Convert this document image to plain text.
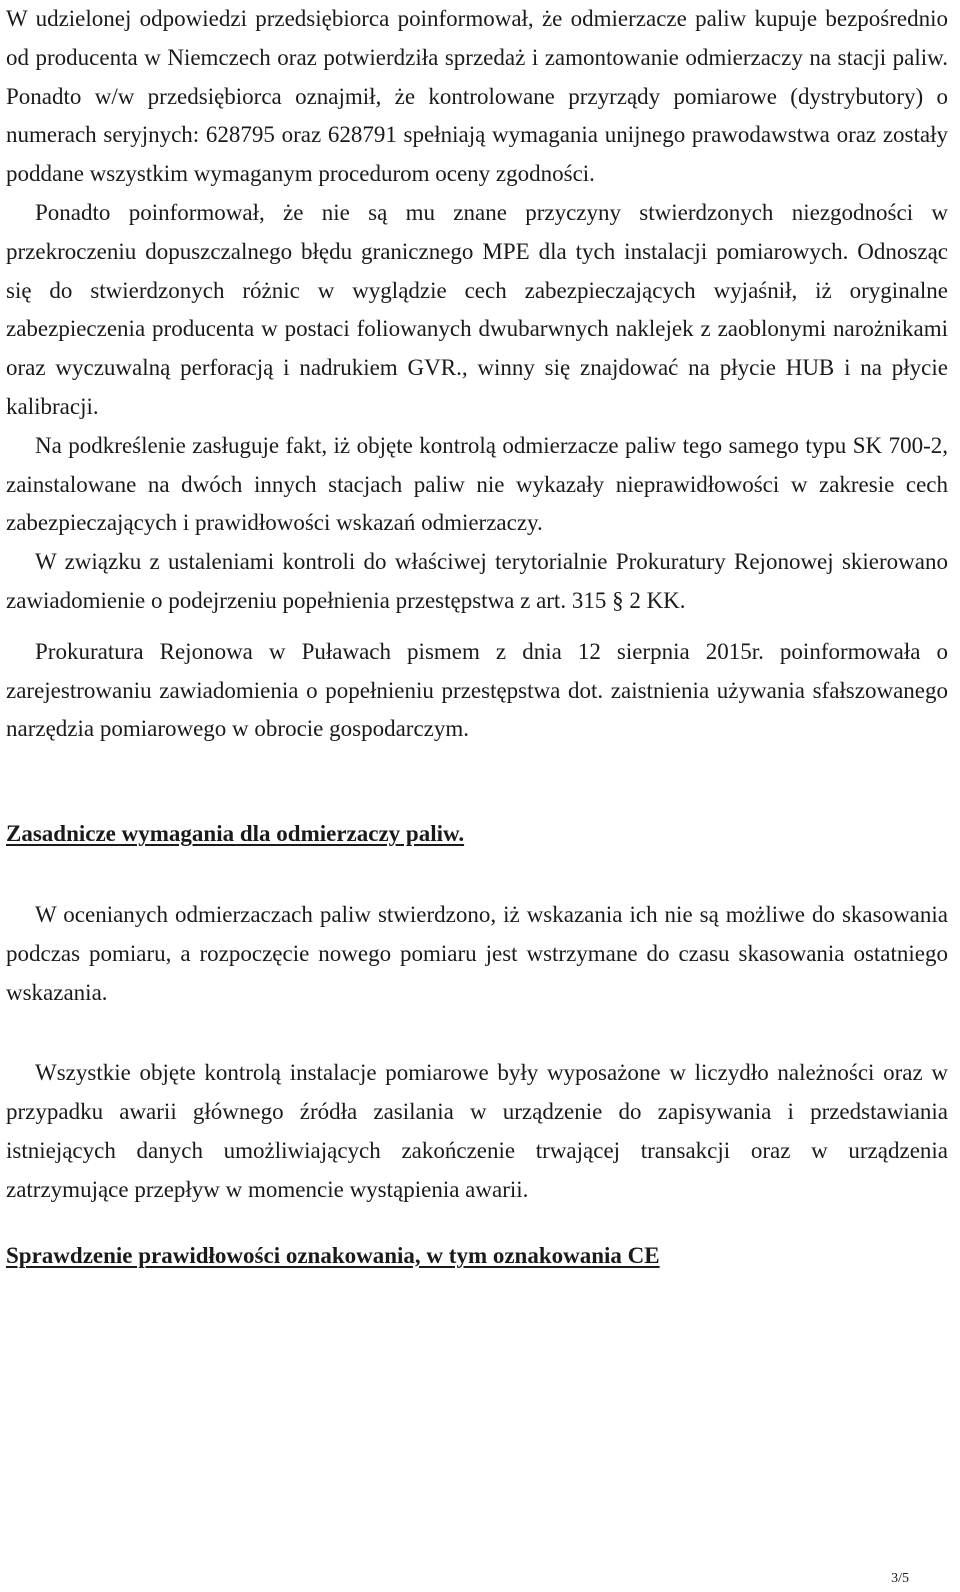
W udzielonej odpowiedzi przedsiębiorca poinformował, że odmierzacze paliw kupuje bezpośrednio od producenta w Niemczech oraz potwierdziła sprzedaż i zamontowanie odmierzaczy na stacji paliw. Ponadto w/w przedsiębiorca oznajmił, że kontrolowane przyrządy pomiarowe (dystrybutory) o numerach seryjnych: 628795 oraz 628791 spełniają wymagania unijnego prawodawstwa oraz zostały poddane wszystkim wymaganym procedurom oceny zgodności.

Ponadto poinformował, że nie są mu znane przyczyny stwierdzonych niezgodności w przekroczeniu dopuszczalnego błędu granicznego MPE dla tych instalacji pomiarowych. Odnosząc się do stwierdzonych różnic w wyglądzie cech zabezpieczających wyjaśnił, iż oryginalne zabezpieczenia producenta w postaci foliowanych dwubarwnych naklejek z zaoblonymi narożnikami oraz wyczuwalną perforacją i nadrukiem GVR., winny się znajdować na płycie HUB i na płycie kalibracji.

Na podkreślenie zasługuje fakt, iż objęte kontrolą odmierzacze paliw tego samego typu SK 700-2, zainstalowane na dwóch innych stacjach paliw nie wykazały nieprawidłowości w zakresie cech zabezpieczających i prawidłowości wskazań odmierzaczy.

W związku z ustaleniami kontroli do właściwej terytorialnie Prokuratury Rejonowej skierowano zawiadomienie o podejrzeniu popełnienia przestępstwa z art. 315 § 2 KK.

Prokuratura Rejonowa w Puławach pismem z dnia 12 sierpnia 2015r. poinformowała o zarejestrowaniu zawiadomienia o popełnieniu przestępstwa dot. zaistnienia używania sfałszowanego narzędzia pomiarowego w obrocie gospodarczym.

Zasadnicze wymagania dla odmierzaczy paliw.

W ocenianych odmierzaczach paliw stwierdzono, iż wskazania ich nie są możliwe do skasowania podczas pomiaru, a rozpoczęcie nowego pomiaru jest wstrzymane do czasu skasowania ostatniego wskazania.

Wszystkie objęte kontrolą instalacje pomiarowe były wyposażone w liczydło należności oraz w przypadku awarii głównego źródła zasilania w urządzenie do zapisywania i przedstawiania istniejących danych umożliwiających zakończenie trwającej transakcji oraz w urządzenia zatrzymujące przepływ w momencie wystąpienia awarii.

Sprawdzenie prawidłowości oznakowania, w tym oznakowania CE
3/5
